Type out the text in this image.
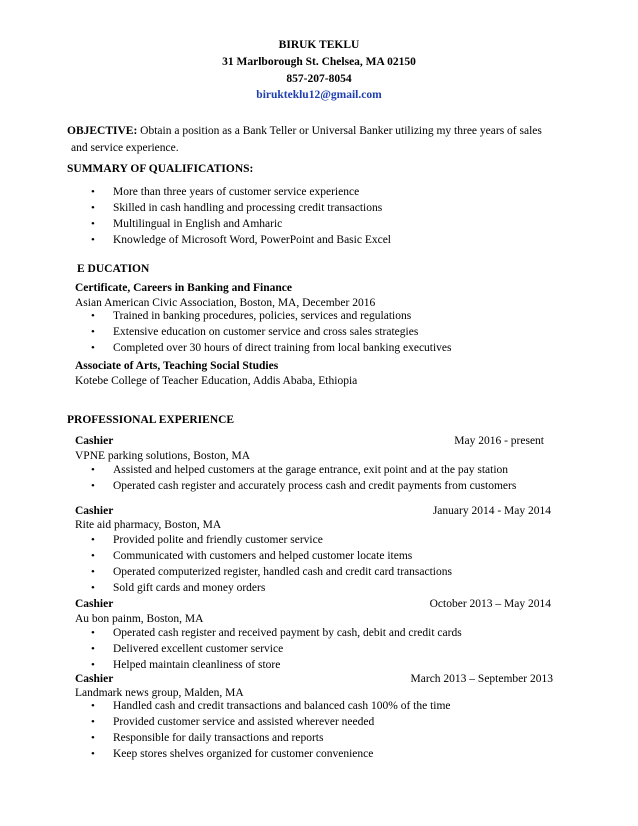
BIRUK TEKLU
31 Marlborough St. Chelsea, MA 02150
857-207-8054
birukteklu12@gmail.com
OBJECTIVE: Obtain a position as a Bank Teller or Universal Banker utilizing my three years of sales
and service experience.
SUMMARY OF QUALIFICATIONS:
• More than three years of customer service experience
• Skilled in cash handling and processing credit transactions
• Multilingual in English and Amharic
• Knowledge of Microsoft Word, PowerPoint and Basic Excel
E DUCATION
Certificate, Careers in Banking and Finance
Asian American Civic Association, Boston, MA, December 2016
• Trained in banking procedures, policies, services and regulations
• Extensive education on customer service and cross sales strategies
• Completed over 30 hours of direct training from local banking executives
Associate of Arts, Teaching Social Studies
Kotebe College of Teacher Education, Addis Ababa, Ethiopia
PROFESSIONAL EXPERIENCE
Cashier	May 2016 - present
VPNE parking solutions, Boston, MA
• Assisted and helped customers at the garage entrance, exit point and at the pay station
• Operated cash register and accurately process cash and credit payments from customers
Cashier	January 2014 - May 2014
Rite aid pharmacy, Boston, MA
• Provided polite and friendly customer service
• Communicated with customers and helped customer locate items
• Operated computerized register, handled cash and credit card transactions
• Sold gift cards and money orders
Cashier	October 2013 – May 2014
Au bon painm, Boston, MA
• Operated cash register and received payment by cash, debit and credit cards
• Delivered excellent customer service
• Helped maintain cleanliness of store
Cashier	March 2013 – September 2013
Landmark news group, Malden, MA
• Handled cash and credit transactions and balanced cash 100% of the time
• Provided customer service and assisted wherever needed
• Responsible for daily transactions and reports
• Keep stores shelves organized for customer convenience
